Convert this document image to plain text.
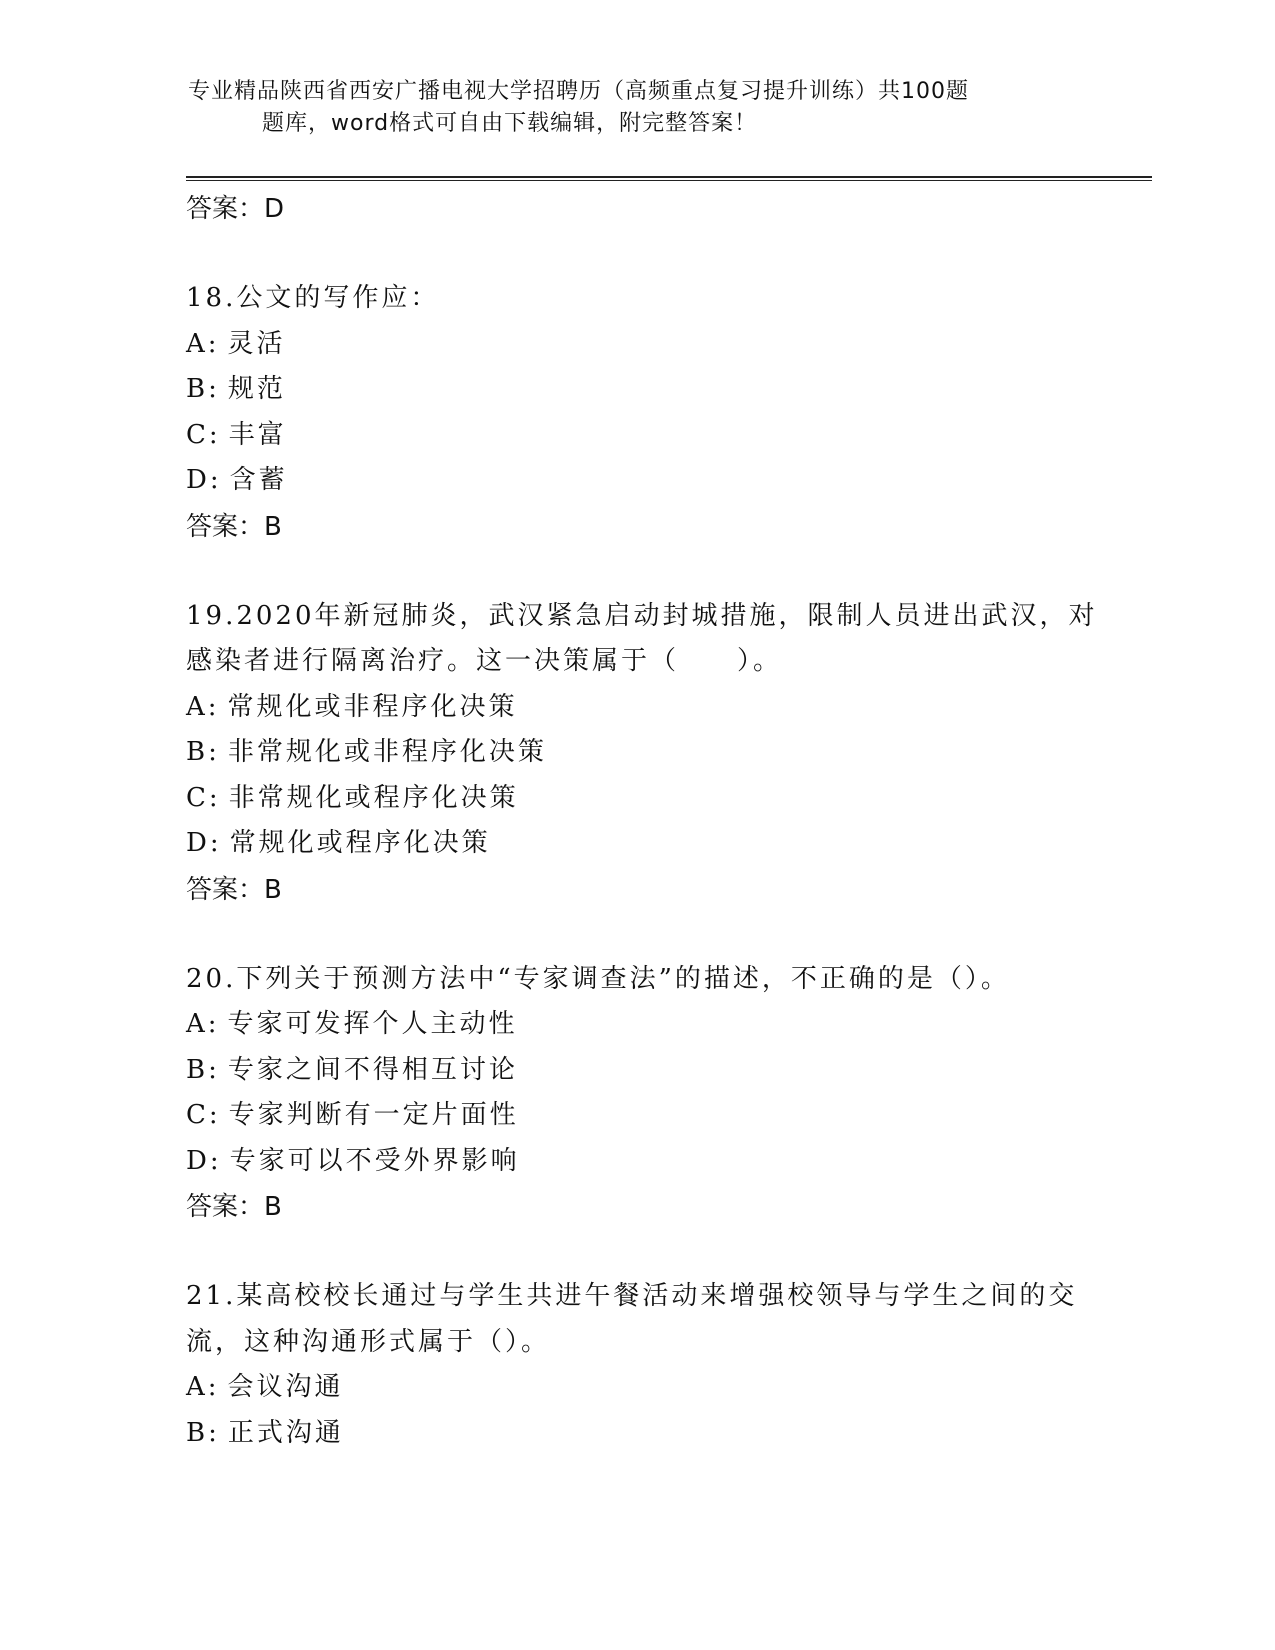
专业精品陕西省西安广播电视大学招聘历（高频重点复习提升训练）共100题
题库，word格式可自由下载编辑，附完整答案！
答案：D
18.公文的写作应：
A: 灵活
B: 规范
C: 丰富
D: 含蓄
答案：B
19.2020年新冠肺炎，武汉紧急启动封城措施，限制人员进出武汉，对
感染者进行隔离治疗。这一决策属于（　　）。
A: 常规化或非程序化决策
B: 非常规化或非程序化决策
C: 非常规化或程序化决策
D: 常规化或程序化决策
答案：B
20.下列关于预测方法中“专家调查法”的描述，不正确的是（）。
A: 专家可发挥个人主动性
B: 专家之间不得相互讨论
C: 专家判断有一定片面性
D: 专家可以不受外界影响
答案：B
21.某高校校长通过与学生共进午餐活动来增强校领导与学生之间的交
流，这种沟通形式属于（）。
A: 会议沟通
B: 正式沟通
